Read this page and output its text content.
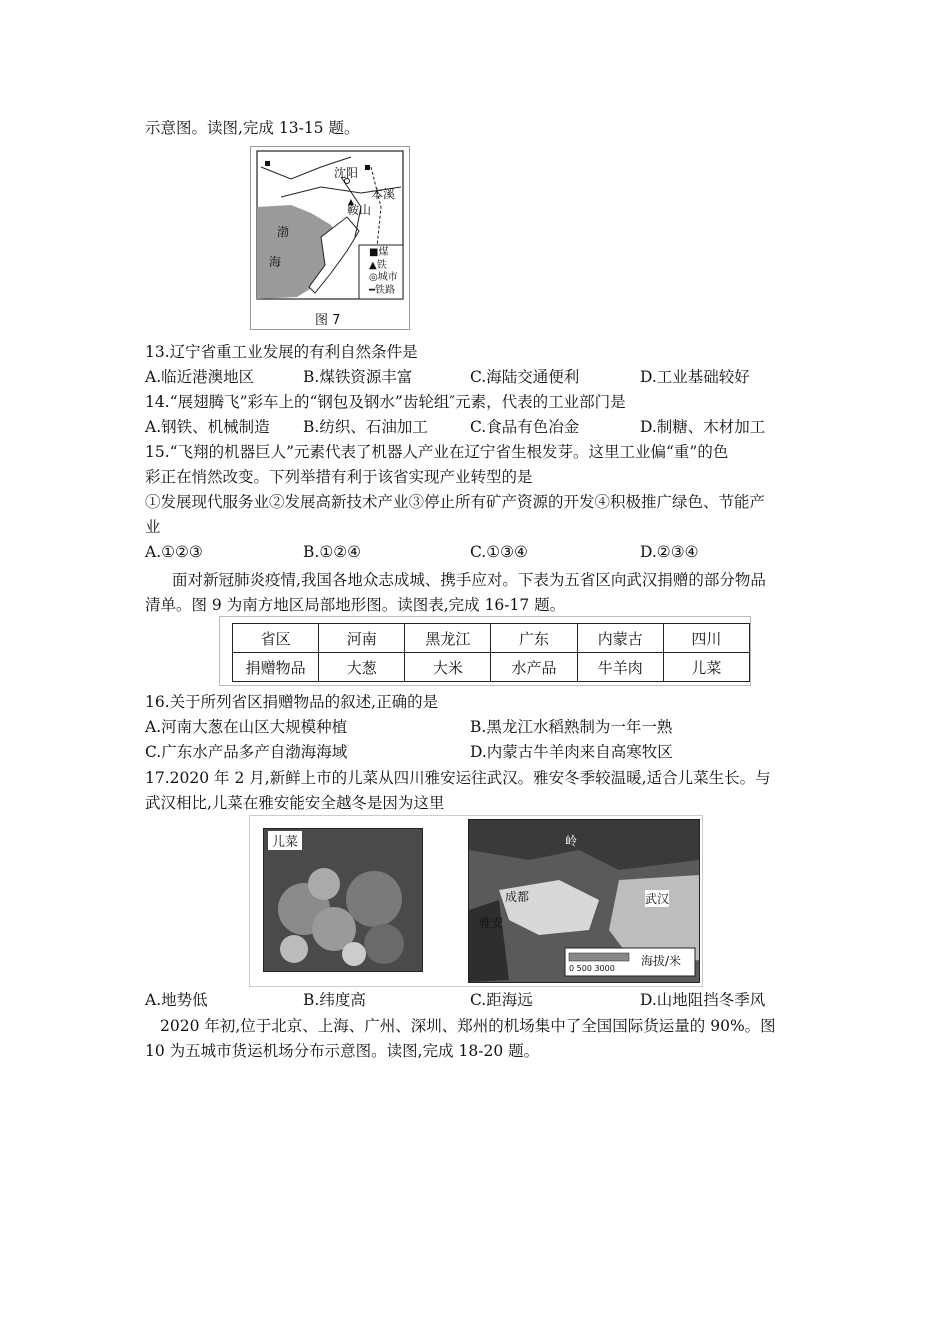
示意图。读图,完成 13-15 题。
沈阳
本溪
鞍山
渤
海
■煤
▲铁
◎城市
━铁路
图 7
13.辽宁省重工业发展的有利自然条件是
A.临近港澳地区	B.煤铁资源丰富	C.海陆交通便利	D.工业基础较好
14.“展翅腾飞”彩车上的“钢包及钢水”齿轮组″元素，代表的工业部门是
A.钢铁、机械制造 B.纺织、石油加工	C.食品有色冶金	D.制糖、木材加工
15.“飞翔的机器巨人”元素代表了机器人产业在辽宁省生根发芽。这里工业偏“重”的色
彩正在悄然改变。下列举措有利于该省实现产业转型的是
①发展现代服务业②发展高新技术产业③停止所有矿产资源的开发④积极推广绿色、节能产
业
A.①②③	B.①②④	C.①③④	D.②③④
面对新冠肺炎疫情,我国各地众志成城、携手应对。下表为五省区向武汉捐赠的部分物品
清单。图 9 为南方地区局部地形图。读图表,完成 16-17 题。
省区	河南	黑龙江	广东	内蒙古	四川
捐赠物品	大葱	大米	水产品	牛羊肉	儿菜
16.关于所列省区捐赠物品的叙述,正确的是
A.河南大葱在山区大规模种植	B.黑龙江水稻熟制为一年一熟
C.广东水产品多产自渤海海域	D.内蒙古牛羊肉来自高寒牧区
17.2020 年 2 月,新鲜上市的儿菜从四川雅安运往武汉。雅安冬季较温暖,适合儿菜生长。与
武汉相比,儿菜在雅安能安全越冬是因为这里
儿菜
成都
雅安
武汉
岭
海拔/米
0 500 3000
A.地势低	B.纬度高	C.距海远	D.山地阻挡冬季风
2020 年初,位于北京、上海、广州、深圳、郑州的机场集中了全国国际货运量的 90%。图
10 为五城市货运机场分布示意图。读图,完成 18-20 题。
